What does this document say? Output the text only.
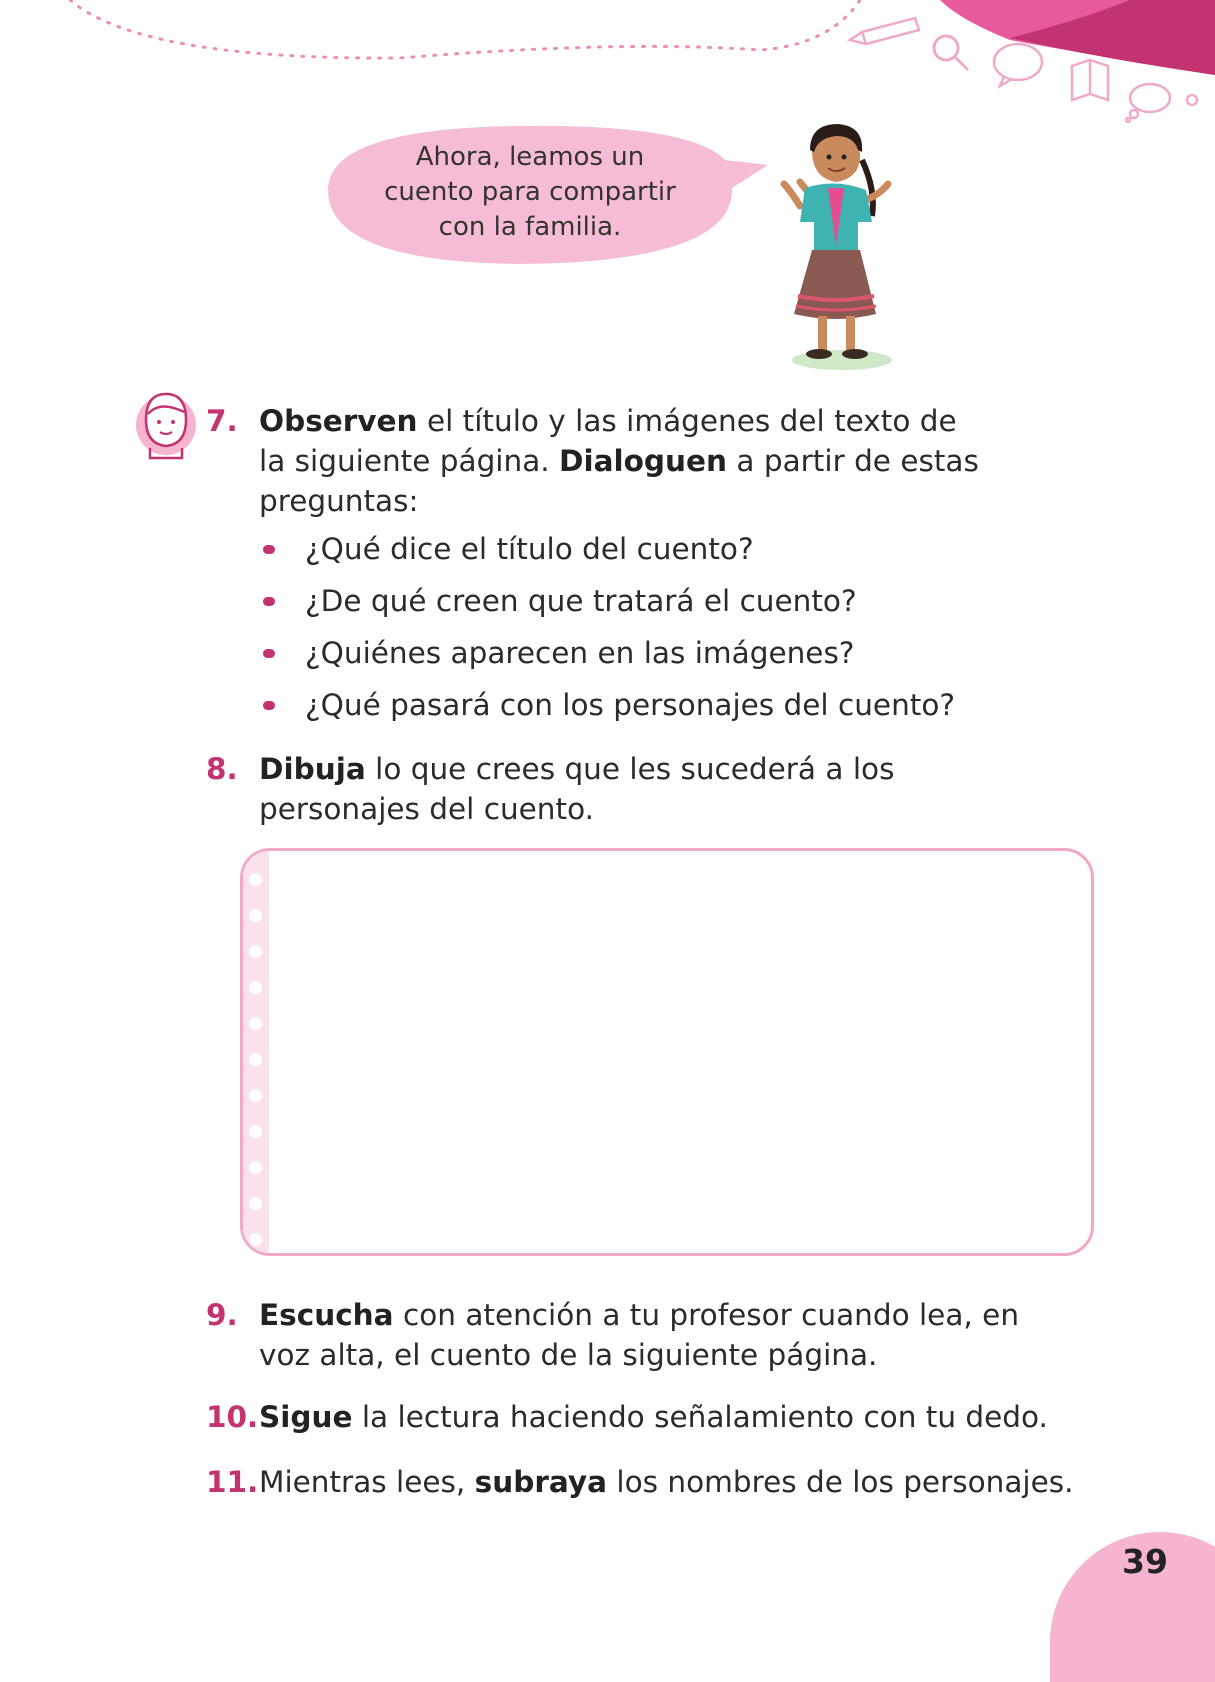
Ahora, leamos un
cuento para compartir
con la familia.
7. Observen el título y las imágenes del texto de
la siguiente página. Dialoguen a partir de estas
preguntas:
¿Qué dice el título del cuento?
¿De qué creen que tratará el cuento?
¿Quiénes aparecen en las imágenes?
¿Qué pasará con los personajes del cuento?
8. Dibuja lo que crees que les sucederá a los
personajes del cuento.
9. Escucha con atención a tu profesor cuando lea, en
voz alta, el cuento de la siguiente página.
10. Sigue la lectura haciendo señalamiento con tu dedo.
11. Mientras lees, subraya los nombres de los personajes.
39
